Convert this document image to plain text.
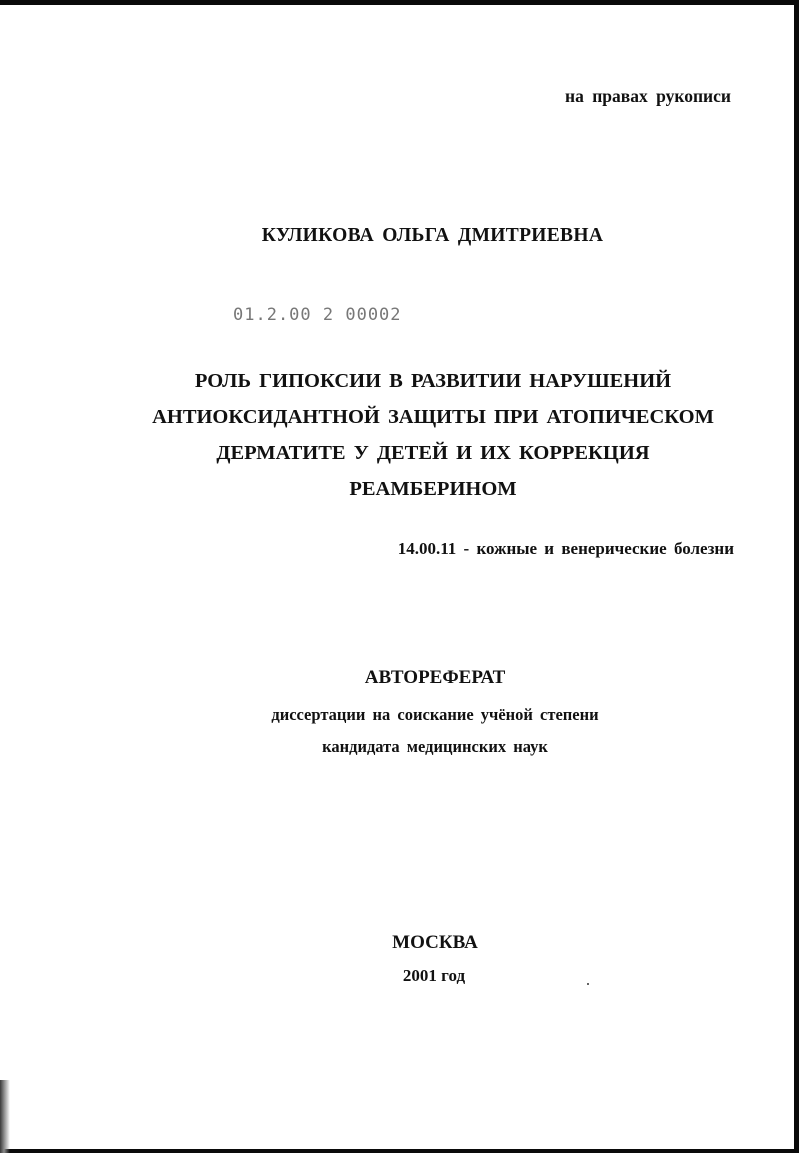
на правах рукописи
КУЛИКОВА ОЛЬГА ДМИТРИЕВНА
01.2.00 2 00002
РОЛЬ ГИПОКСИИ В РАЗВИТИИ НАРУШЕНИЙ
АНТИОКСИДАНТНОЙ ЗАЩИТЫ ПРИ АТОПИЧЕСКОМ
ДЕРМАТИТЕ У ДЕТЕЙ И ИХ КОРРЕКЦИЯ
РЕАМБЕРИНОМ
14.00.11 - кожные и венерические болезни
АВТОРЕФЕРАТ
диссертации на соискание учёной степени
кандидата медицинских наук
МОСКВА
2001 год
